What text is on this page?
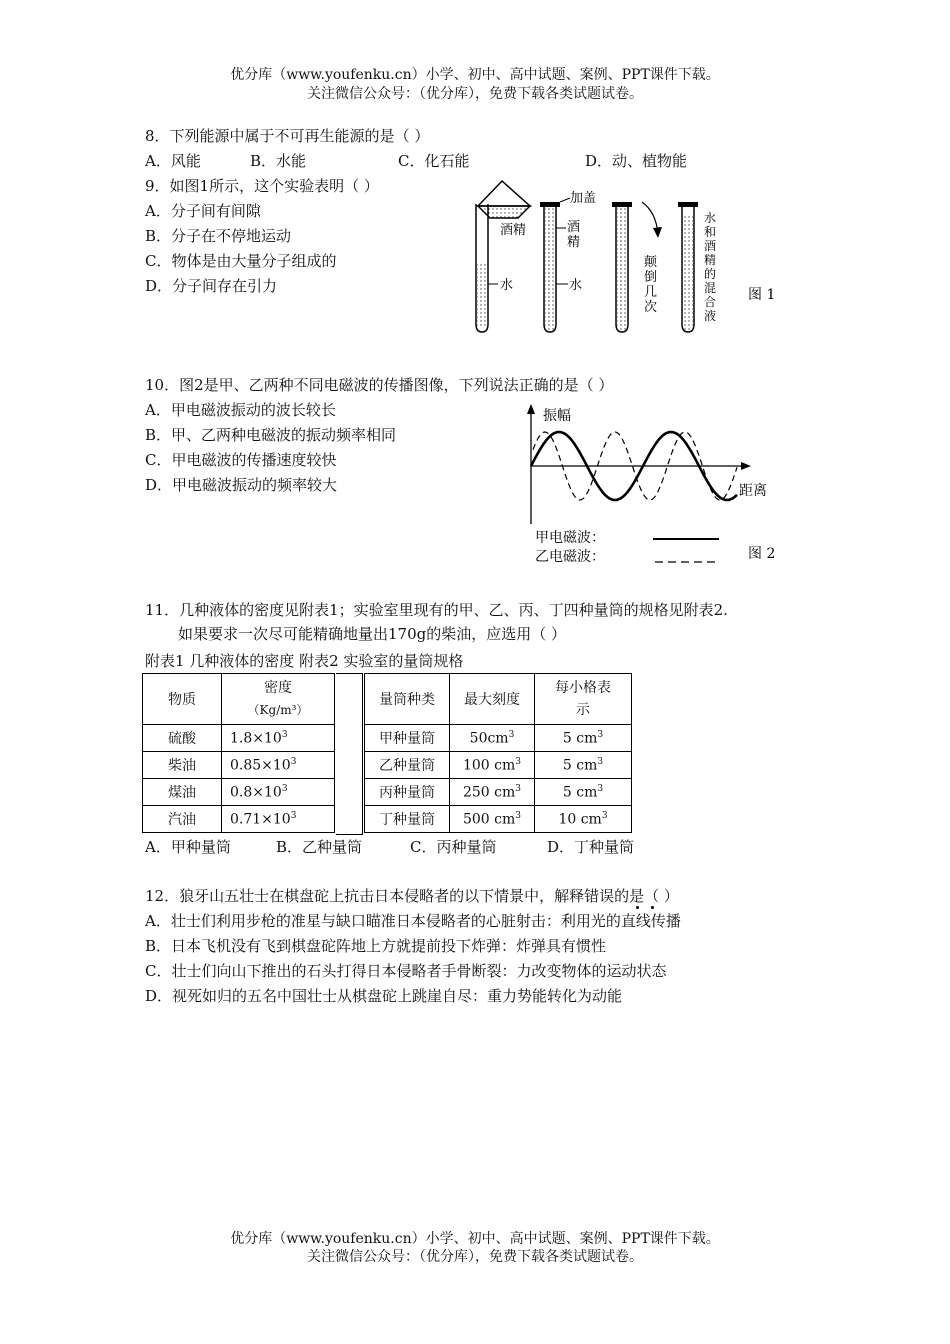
优分库（www.youfenku.cn）小学、初中、高中试题、案例、PPT课件下载。
关注微信公众号：（优分库），免费下载各类试题试卷。
8．下列能源中属于不可再生能源的是（ ）
A．风能	B．水能	C．化石能	D．动、植物能
9．如图1所示，这个实验表明（ ）
A．分子间有间隙
B．分子在不停地运动
C．物体是由大量分子组成的
D．分子间存在引力
酒精
水
加盖
酒
精
水
颠
倒
几
次
水
和
酒
精
的
混
合
液
图 1
10．图2是甲、乙两种不同电磁波的传播图像，下列说法正确的是（ ）
A．甲电磁波振动的波长较长
B．甲、乙两种电磁波的振动频率相同
C．甲电磁波的传播速度较快
D．甲电磁波振动的频率较大
振幅
距离
甲电磁波：
乙电磁波：	图 2
11．几种液体的密度见附表1；实验室里现有的甲、乙、丙、丁四种量筒的规格见附表2.
如果要求一次尽可能精确地量出170g的柴油，应选用（ ）
附表1 几种液体的密度 附表2 实验室的量筒规格
物质	密度
（Kg/m³）

硫酸	$1.8\times 10^3$
柴油	$0.85\times 10^3$
煤油	$0.8\times 10^3$
汽油	$0.71\times 10^3$
量筒种类	最大刻度	每小格表
示

甲种量筒	$50cm^3$	5 $cm^3$
乙种量筒	100 $cm^3$	5 $cm^3$
丙种量筒	250 $cm^3$	5 $cm^3$
丁种量筒	500 $cm^3$	10 $cm^3$
A．甲种量筒	B．乙种量筒	C．丙种量筒	D．丁种量筒
12．狼牙山五壮士在棋盘砣上抗击日本侵略者的以下情景中，解释错误的是（ ）
A．壮士们利用步枪的准星与缺口瞄准日本侵略者的心脏射击：利用光的直线传播
B．日本飞机没有飞到棋盘砣阵地上方就提前投下炸弹：炸弹具有惯性
C．壮士们向山下推出的石头打得日本侵略者手骨断裂：力改变物体的运动状态
D．视死如归的五名中国壮士从棋盘砣上跳崖自尽：重力势能转化为动能
优分库（www.youfenku.cn）小学、初中、高中试题、案例、PPT课件下载。
关注微信公众号：（优分库），免费下载各类试题试卷。
